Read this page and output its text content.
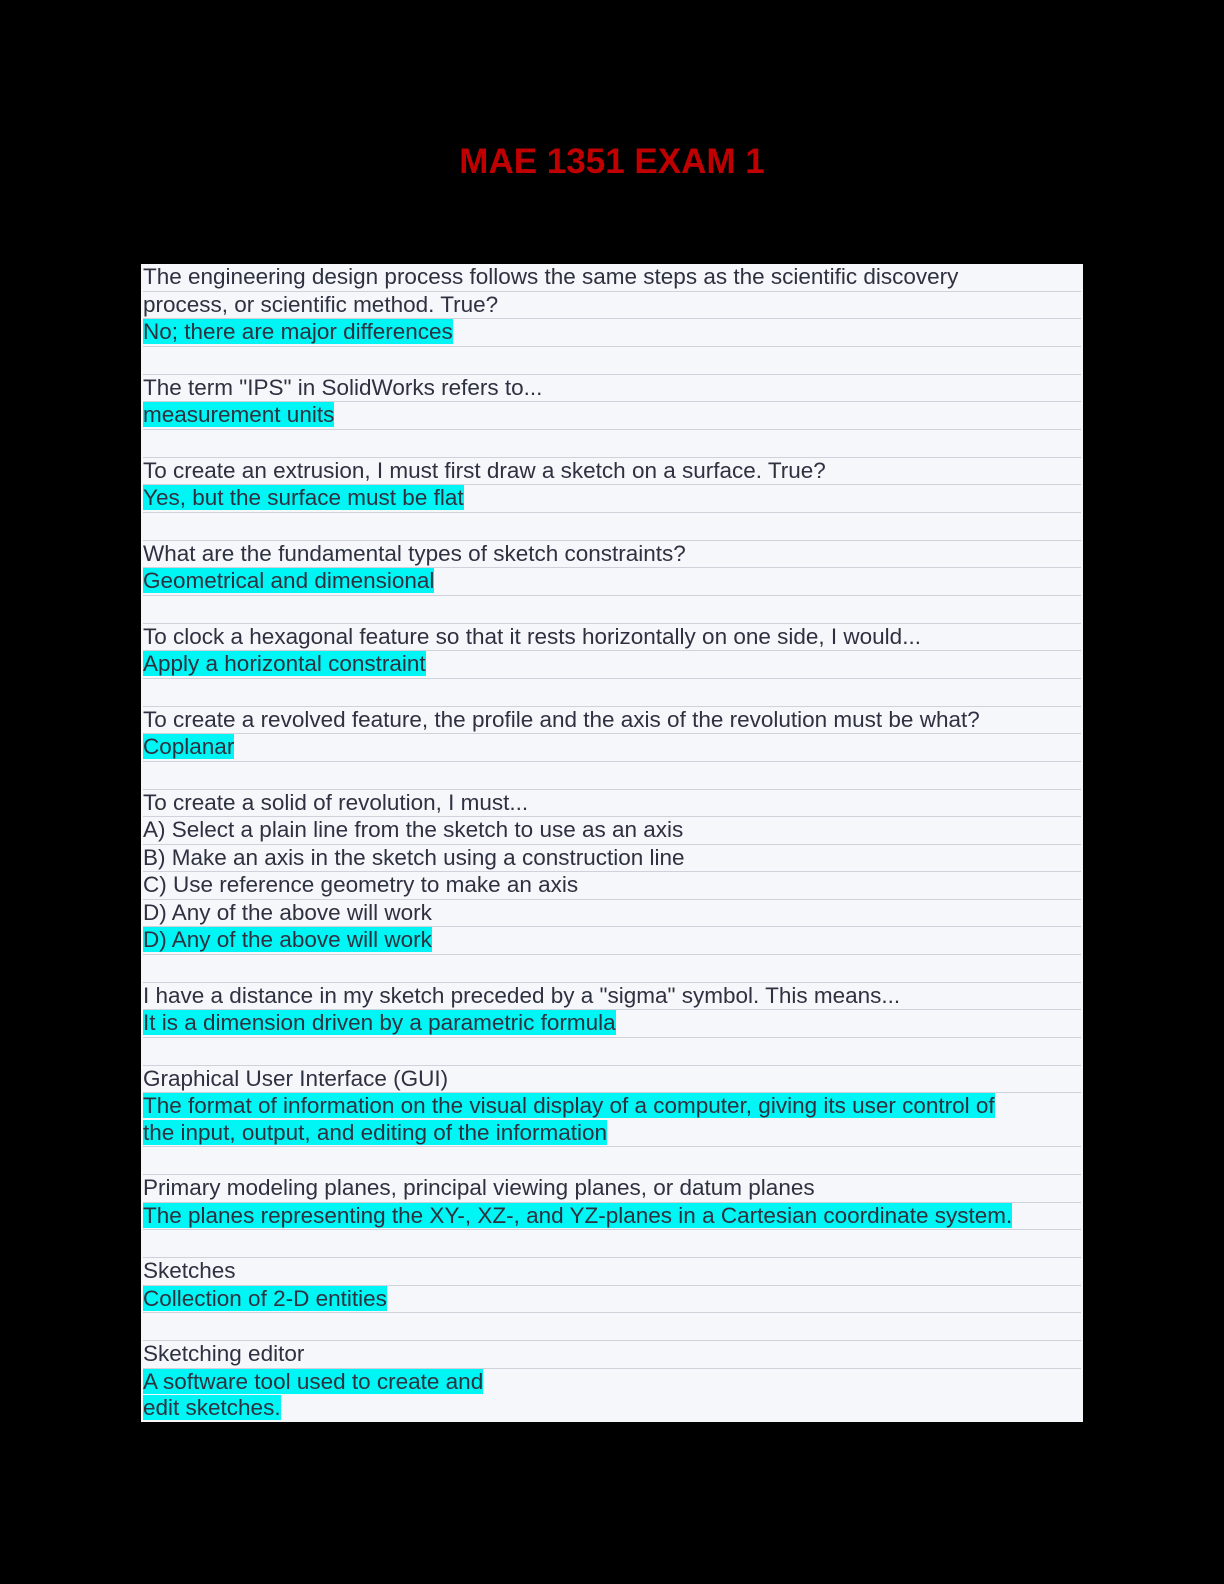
MAE 1351 EXAM 1
The engineering design process follows the same steps as the scientific discovery
process, or scientific method. True?
No; there are major differences
The term "IPS" in SolidWorks refers to...
measurement units
To create an extrusion, I must first draw a sketch on a surface. True?
Yes, but the surface must be flat
What are the fundamental types of sketch constraints?
Geometrical and dimensional
To clock a hexagonal feature so that it rests horizontally on one side, I would...
Apply a horizontal constraint
To create a revolved feature, the profile and the axis of the revolution must be what?
Coplanar
To create a solid of revolution, I must...
A) Select a plain line from the sketch to use as an axis
B) Make an axis in the sketch using a construction line
C) Use reference geometry to make an axis
D) Any of the above will work
D) Any of the above will work
I have a distance in my sketch preceded by a "sigma" symbol. This means...
It is a dimension driven by a parametric formula
Graphical User Interface (GUI)
The format of information on the visual display of a computer, giving its user control of
the input, output, and editing of the information
Primary modeling planes, principal viewing planes, or datum planes
The planes representing the XY-, XZ-, and YZ-planes in a Cartesian coordinate system.
Sketches
Collection of 2-D entities
Sketching editor
A software tool used to create and
edit sketches.
